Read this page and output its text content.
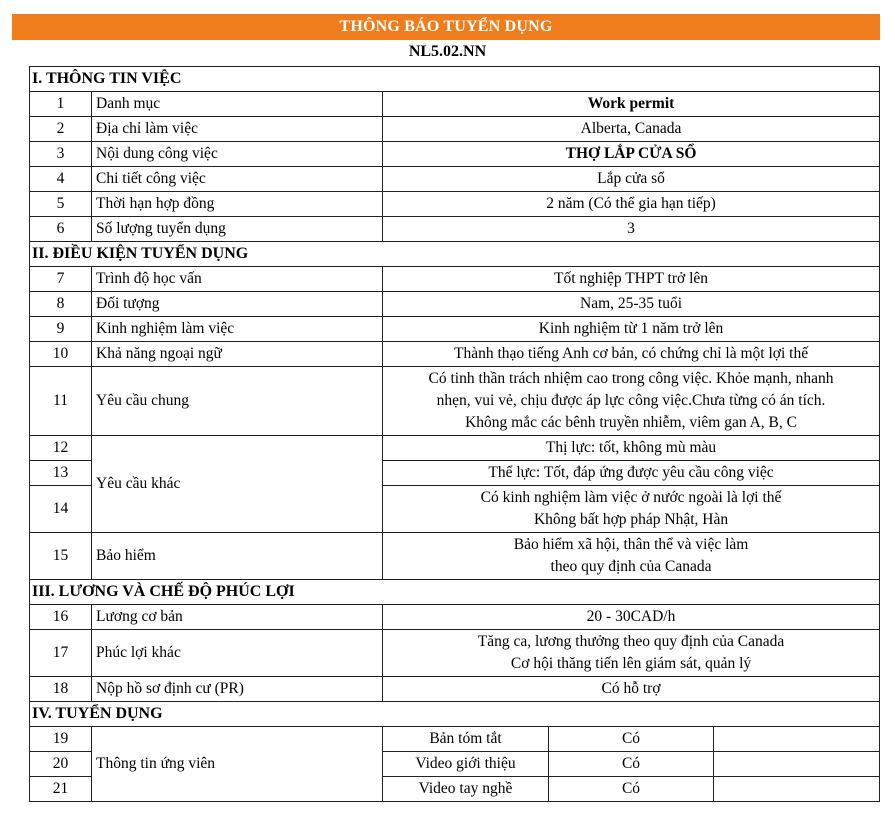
THÔNG BÁO TUYỂN DỤNG
NL5.02.NN
I. THÔNG TIN VIỆC				
1	Danh mục	Work permit		
2	Địa chỉ làm việc	Alberta, Canada		
3	Nội dung công việc	THỢ LẮP CỬA SỔ		
4	Chi tiết công việc	Lắp cửa sổ		
5	Thời hạn hợp đồng	2 năm (Có thể gia hạn tiếp)		
6	Số lượng tuyển dụng	3		
II. ĐIỀU KIỆN TUYỂN DỤNG				
7	Trình độ học vấn	Tốt nghiệp THPT trở lên		
8	Đối tượng	Nam, 25-35 tuổi		
9	Kinh nghiệm làm việc	Kinh nghiệm từ 1 năm trở lên		
10	Khả năng ngoại ngữ	Thành thạo tiếng Anh cơ bản, có chứng chỉ là một lợi thế		
11	Yêu cầu chung	Có tinh thần trách nhiệm cao trong công việc. Khỏe mạnh, nhanh
nhẹn, vui vẻ, chịu được áp lực công việc.Chưa từng có án tích.
Không mắc các bênh truyền nhiễm, viêm gan A, B, C		

12	Yêu cầu khác	Thị lực: tốt, không mù màu		
13		Thể lực: Tốt, đáp ứng được yêu cầu công việc		
14		Có kinh nghiệm làm việc ở nước ngoài là lợi thế
Không bất hợp pháp Nhật, Hàn		

15	Bảo hiểm	Bảo hiểm xã hội, thân thể và việc làm
theo quy định của Canada		

III. LƯƠNG VÀ CHẾ ĐỘ PHÚC LỢI				
16	Lương cơ bản	20 - 30CAD/h		
17	Phúc lợi khác	Tăng ca, lương thưởng theo quy định của Canada
Cơ hội thăng tiến lên giám sát, quản lý		

18	Nộp hồ sơ định cư (PR)	Có hỗ trợ		
IV. TUYỂN DỤNG				
19	Thông tin ứng viên	Bản tóm tắt	Có	
20		Video giới thiệu	Có	
21		Video tay nghề	Có	
